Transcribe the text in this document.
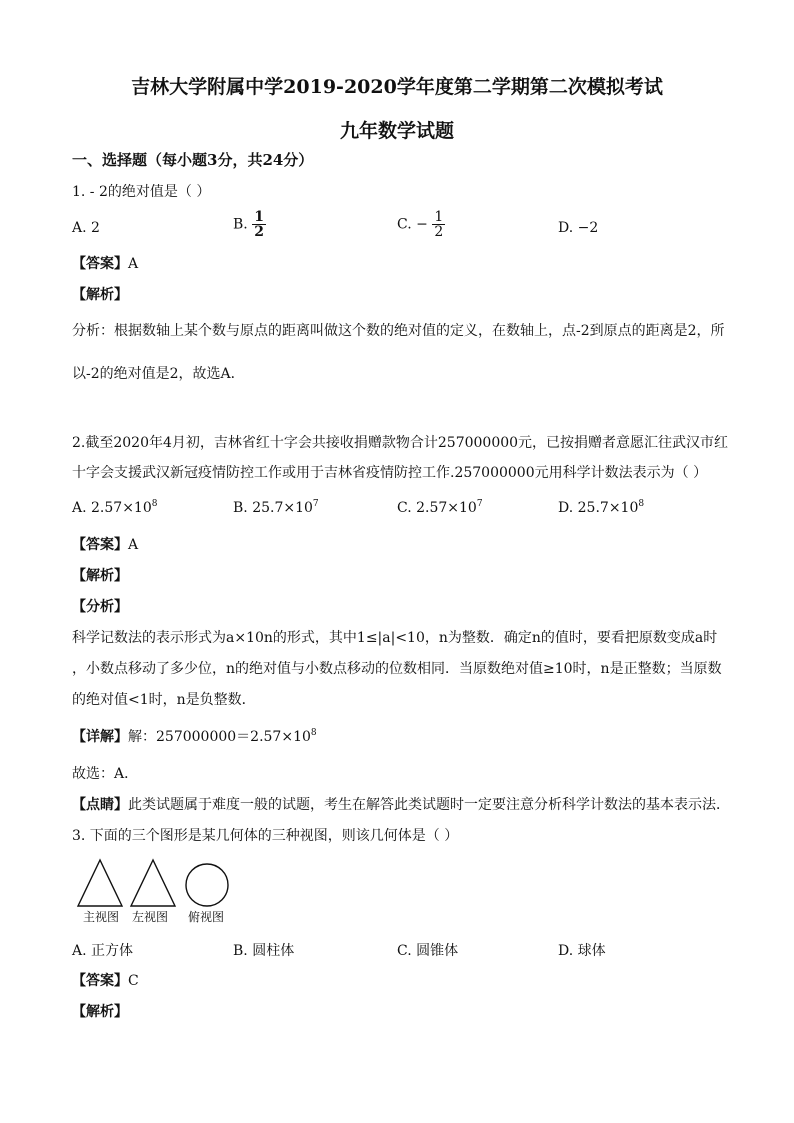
吉林大学附属中学2019-2020学年度第二学期第二次模拟考试
九年数学试题
一、选择题（每小题3分，共24分）
1. - 2的绝对值是（ ）
A. 2	B. $\frac{1}{2}$	C. − $\frac{1}{2}$	D. −2
【答案】A
【解析】
分析：根据数轴上某个数与原点的距离叫做这个数的绝对值的定义，在数轴上，点-2到原点的距离是2，所
以-2的绝对值是2，故选A．
2.截至2020年4月初，吉林省红十字会共接收捐赠款物合计257000000元，已按捐赠者意愿汇往武汉市红
十字会支援武汉新冠疫情防控工作或用于吉林省疫情防控工作.257000000元用科学计数法表示为（ ）
A. $2.57\times 10^8$	B. $25.7\times 10^7$	C. $2.57\times 10^7$	D. $25.7\times 10^8$
【答案】A
【解析】
【分析】
科学记数法的表示形式为a×10n的形式，其中1≤|a|<10，n为整数．确定n的值时，要看把原数变成a时
，小数点移动了多少位，n的绝对值与小数点移动的位数相同．当原数绝对值≥10时，n是正整数；当原数
的绝对值<1时，n是负整数．
【详解】解：$257000000=2.57\times 10^8$
故选：A．
【点睛】此类试题属于难度一般的试题，考生在解答此类试题时一定要注意分析科学计数法的基本表示法．
3. 下面的三个图形是某几何体的三种视图，则该几何体是（ ）
主视图 左视图 俯视图
A. 正方体	B. 圆柱体	C. 圆锥体	D. 球体
【答案】C
【解析】
